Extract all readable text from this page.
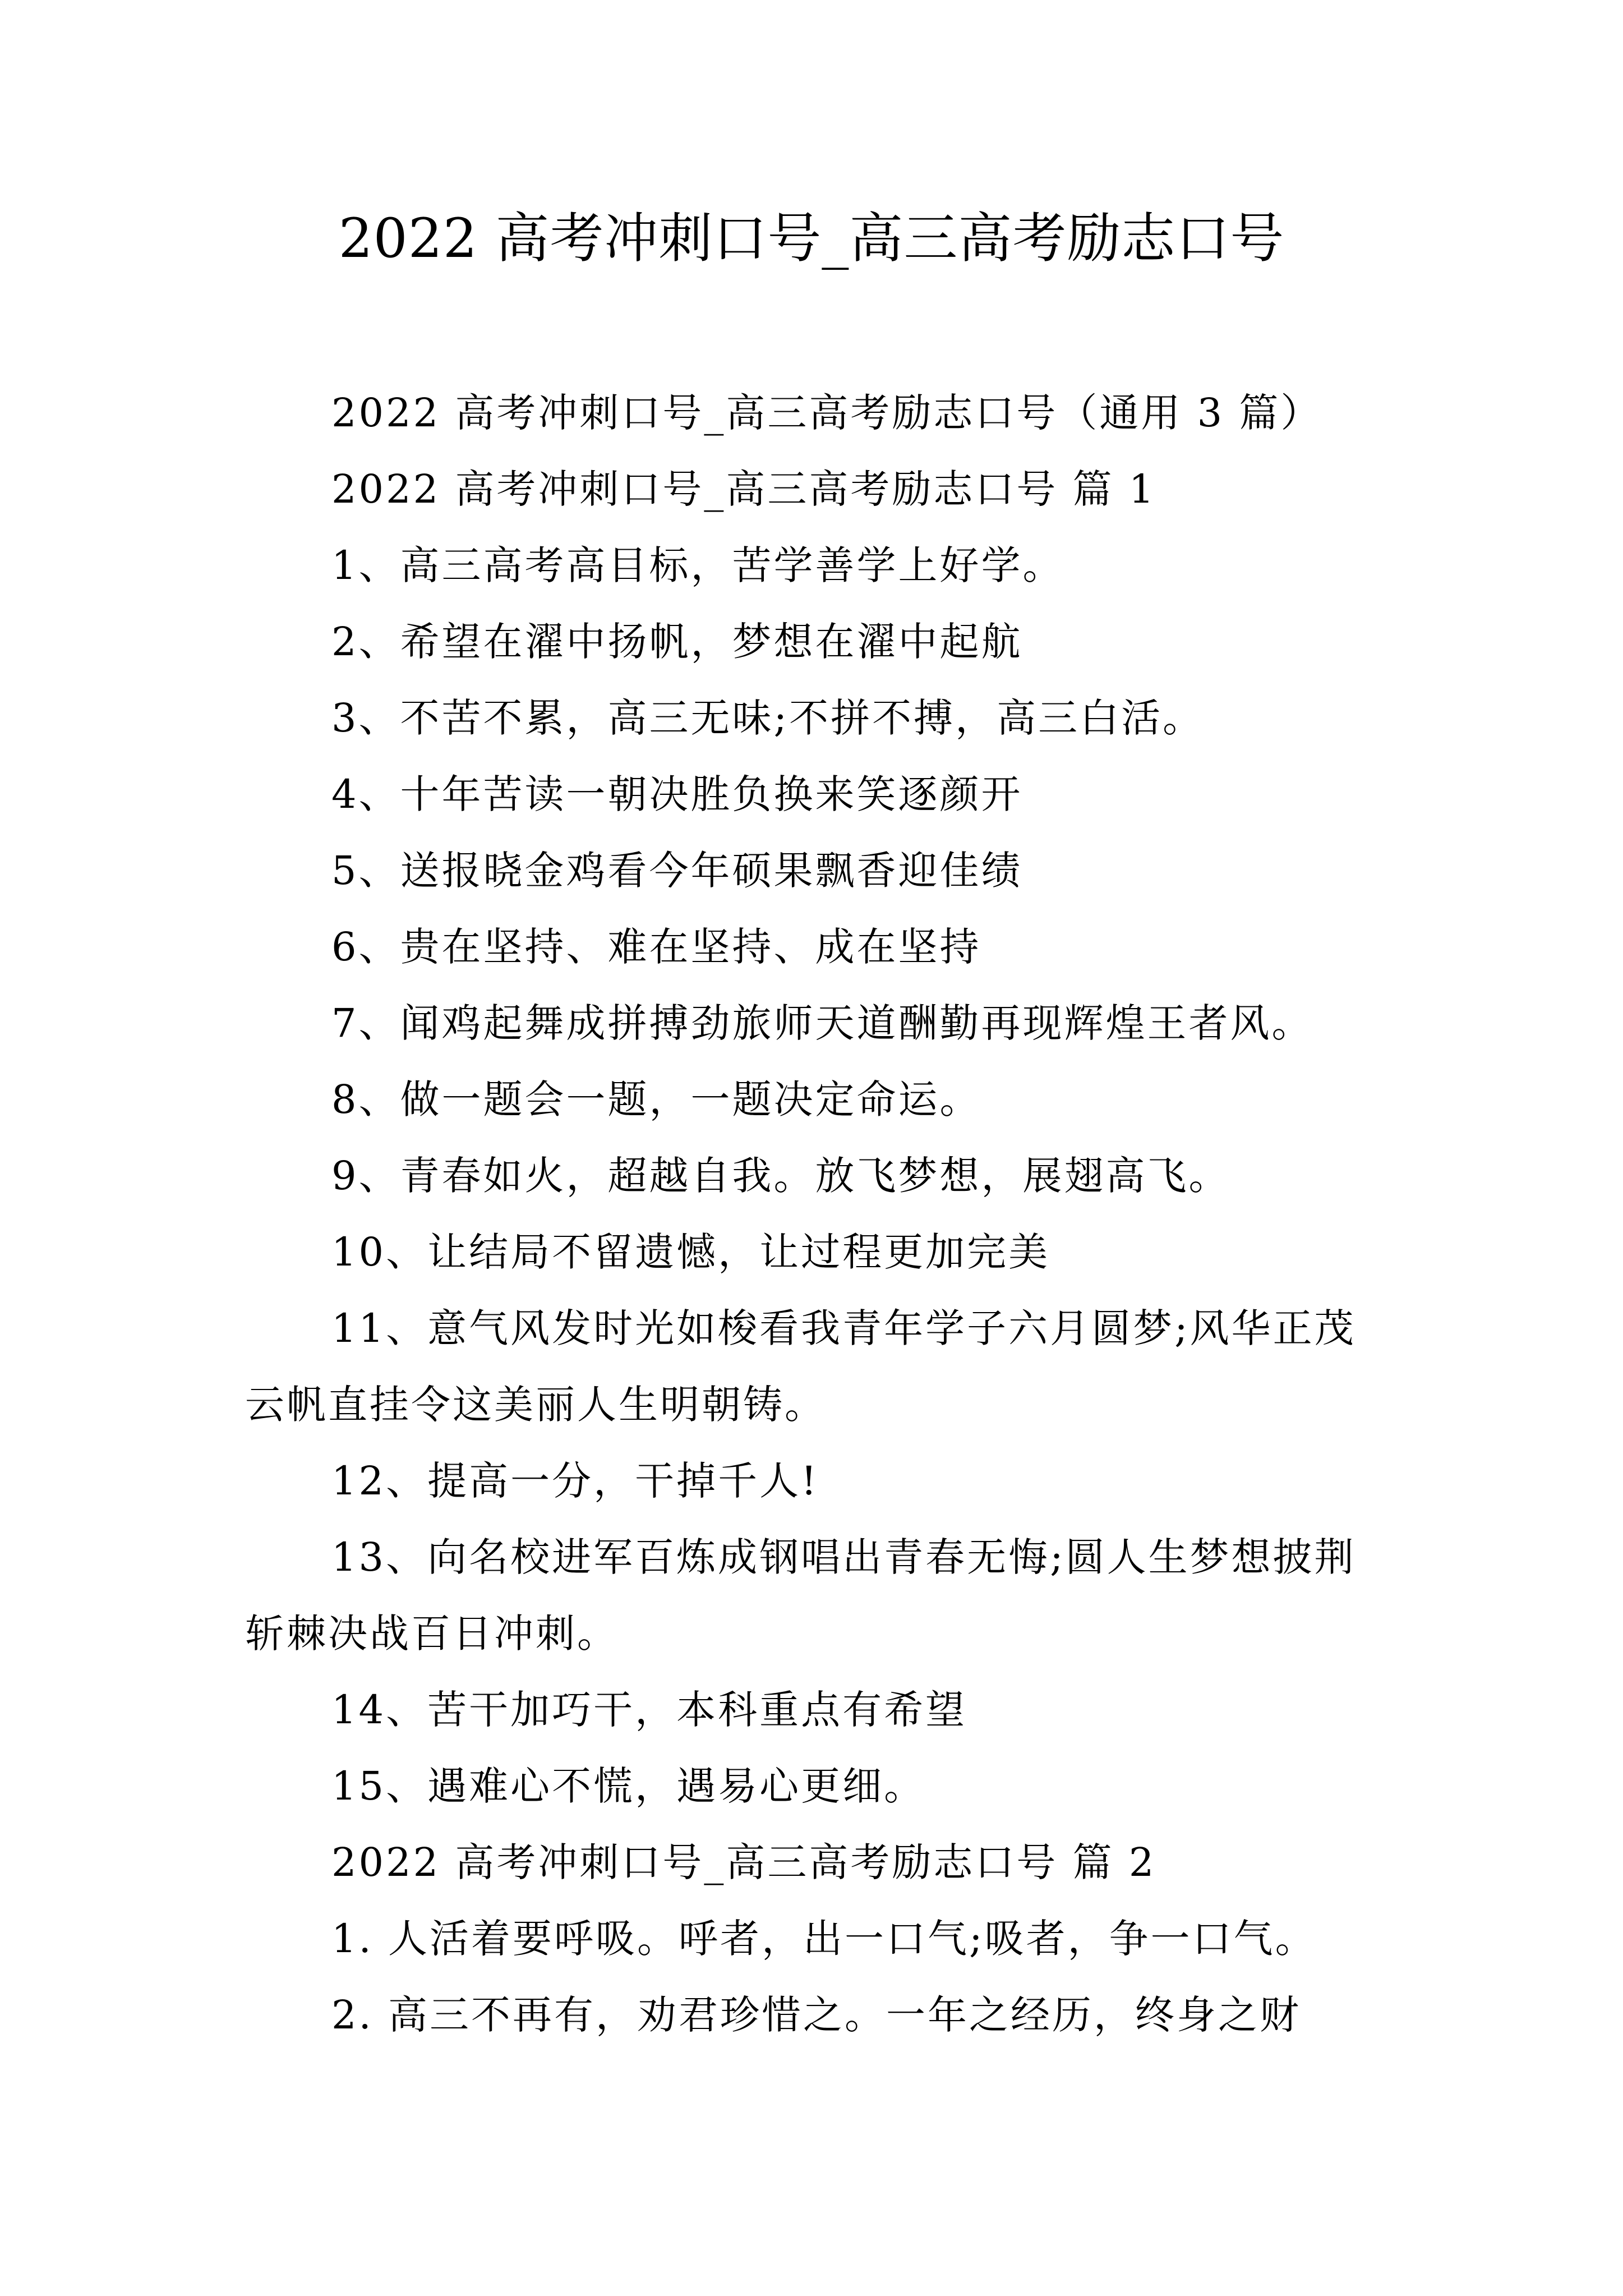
2022 高考冲刺口号_高三高考励志口号

2022 高考冲刺口号_高三高考励志口号（通用 3 篇）

2022 高考冲刺口号_高三高考励志口号 篇 1

1、高三高考高目标，苦学善学上好学。

2、希望在濯中扬帆，梦想在濯中起航

3、不苦不累，高三无味;不拼不搏，高三白活。

4、十年苦读一朝决胜负换来笑逐颜开

5、送报晓金鸡看今年硕果飘香迎佳绩

6、贵在坚持、难在坚持、成在坚持

7、闻鸡起舞成拼搏劲旅师天道酬勤再现辉煌王者风。

8、做一题会一题，一题决定命运。

9、青春如火，超越自我。放飞梦想，展翅高飞。

10、让结局不留遗憾，让过程更加完美

11、意气风发时光如梭看我青年学子六月圆梦;风华正茂云帆直挂令这美丽人生明朝铸。

12、提高一分，干掉千人!

13、向名校进军百炼成钢唱出青春无悔;圆人生梦想披荆斩棘决战百日冲刺。

14、苦干加巧干，本科重点有希望

15、遇难心不慌，遇易心更细。

2022 高考冲刺口号_高三高考励志口号 篇 2

1. 人活着要呼吸。呼者，出一口气;吸者，争一口气。

2. 高三不再有，劝君珍惜之。一年之经历，终身之财
